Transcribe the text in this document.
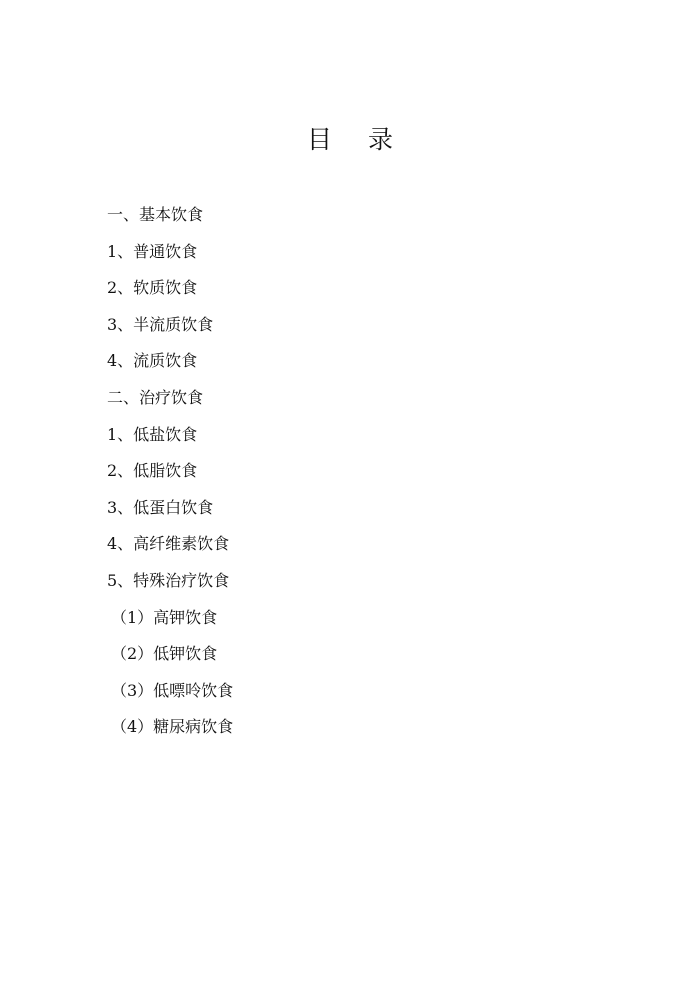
目 录
一、基本饮食
1、普通饮食
2、软质饮食
3、半流质饮食
4、流质饮食
二、治疗饮食
1、低盐饮食
2、低脂饮食
3、低蛋白饮食
4、高纤维素饮食
5、特殊治疗饮食
（1）高钾饮食
（2）低钾饮食
（3）低嘌呤饮食
（4）糖尿病饮食
